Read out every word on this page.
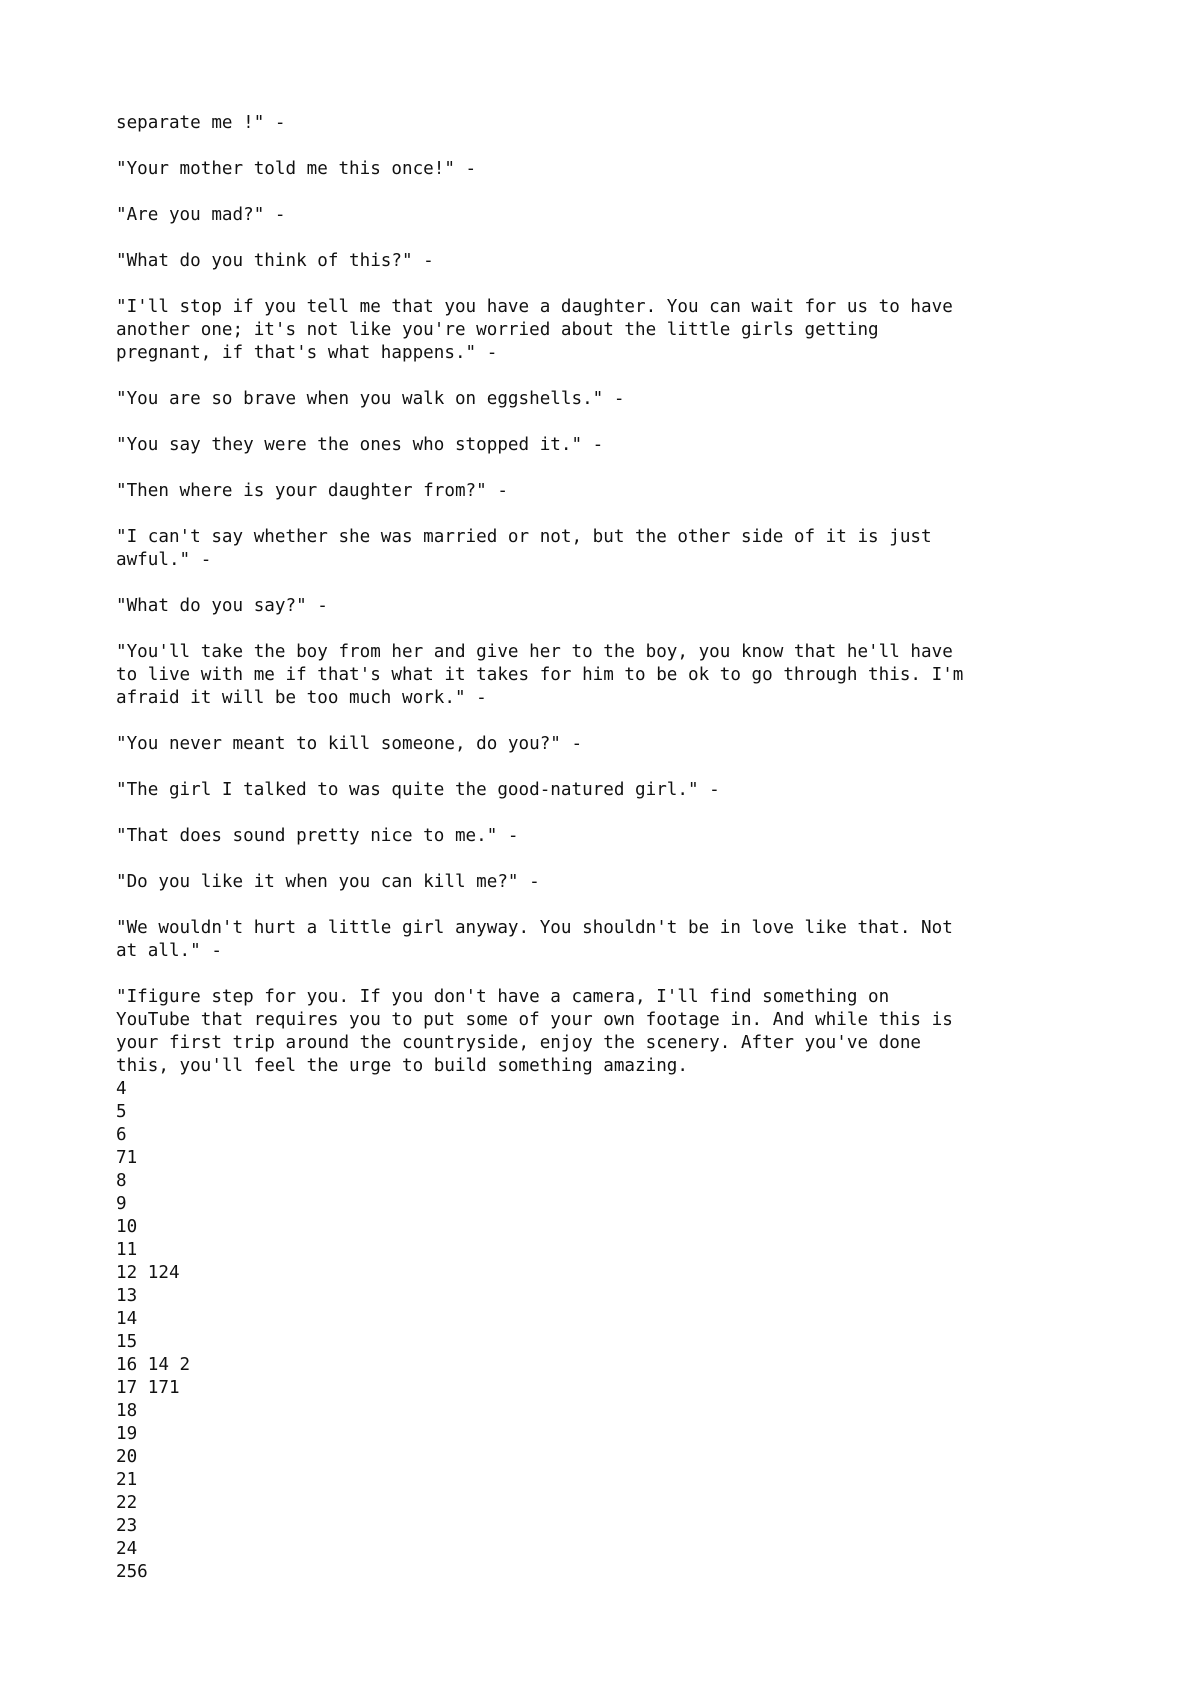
separate me !" -

"Your mother told me this once!" -

"Are you mad?" -

"What do you think of this?" -

"I'll stop if you tell me that you have a daughter. You can wait for us to have
another one; it's not like you're worried about the little girls getting
pregnant, if that's what happens." -

"You are so brave when you walk on eggshells." -

"You say they were the ones who stopped it." -

"Then where is your daughter from?" -

"I can't say whether she was married or not, but the other side of it is just
awful." -

"What do you say?" -

"You'll take the boy from her and give her to the boy, you know that he'll have
to live with me if that's what it takes for him to be ok to go through this. I'm
afraid it will be too much work." -

"You never meant to kill someone, do you?" -

"The girl I talked to was quite the good-natured girl." -

"That does sound pretty nice to me." -

"Do you like it when you can kill me?" -

"We wouldn't hurt a little girl anyway. You shouldn't be in love like that. Not
at all." -

"Ifigure step for you. If you don't have a camera, I'll find something on
YouTube that requires you to put some of your own footage in. And while this is
your first trip around the countryside, enjoy the scenery. After you've done
this, you'll feel the urge to build something amazing.

4
5
6
71
8
9
10
11
12 124
13
14
15
16 14 2
17 171
18
19
20
21
22
23
24
256
